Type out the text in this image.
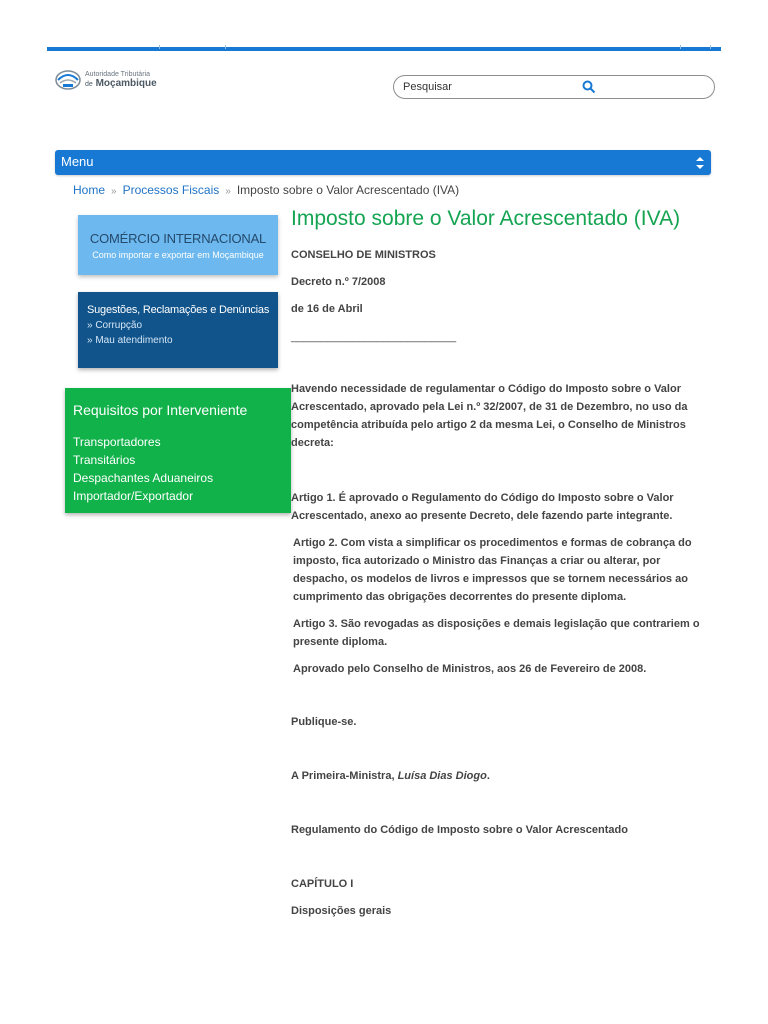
Autoridade Tributária
de Moçambique
Pesquisar
Menu
Home » Processos Fiscais » Imposto sobre o Valor Acrescentado (IVA)
COMÉRCIO INTERNACIONAL
Como importar e exportar em Moçambique
Sugestões, Reclamações e Denúncias
» Corrupção
» Mau atendimento
Requisitos por Interveniente
Transportadores
Transitários
Despachantes Aduaneiros
Importador/Exportador
Imposto sobre o Valor Acrescentado (IVA)

CONSELHO DE MINISTROS

Decreto n.º 7/2008

de 16 de Abril

___________________________

Havendo necessidade de regulamentar o Código do Imposto sobre o Valor Acrescentado, aprovado pela Lei n.º 32/2007, de 31 de Dezembro, no uso da competência atribuída pelo artigo 2 da mesma Lei, o Conselho de Ministros decreta:

Artigo 1. É aprovado o Regulamento do Código do Imposto sobre o Valor Acrescentado, anexo ao presente Decreto, dele fazendo parte integrante.

Artigo 2. Com vista a simplificar os procedimentos e formas de cobrança do imposto, fica autorizado o Ministro das Finanças a criar ou alterar, por despacho, os modelos de livros e impressos que se tornem necessários ao cumprimento das obrigações decorrentes do presente diploma.

Artigo 3. São revogadas as disposições e demais legislação que contrariem o presente diploma.

Aprovado pelo Conselho de Ministros, aos 26 de Fevereiro de 2008.

Publique-se.

A Primeira-Ministra, Luísa Dias Diogo.

Regulamento do Código de Imposto sobre o Valor Acrescentado

CAPÍTULO I

Disposições gerais
